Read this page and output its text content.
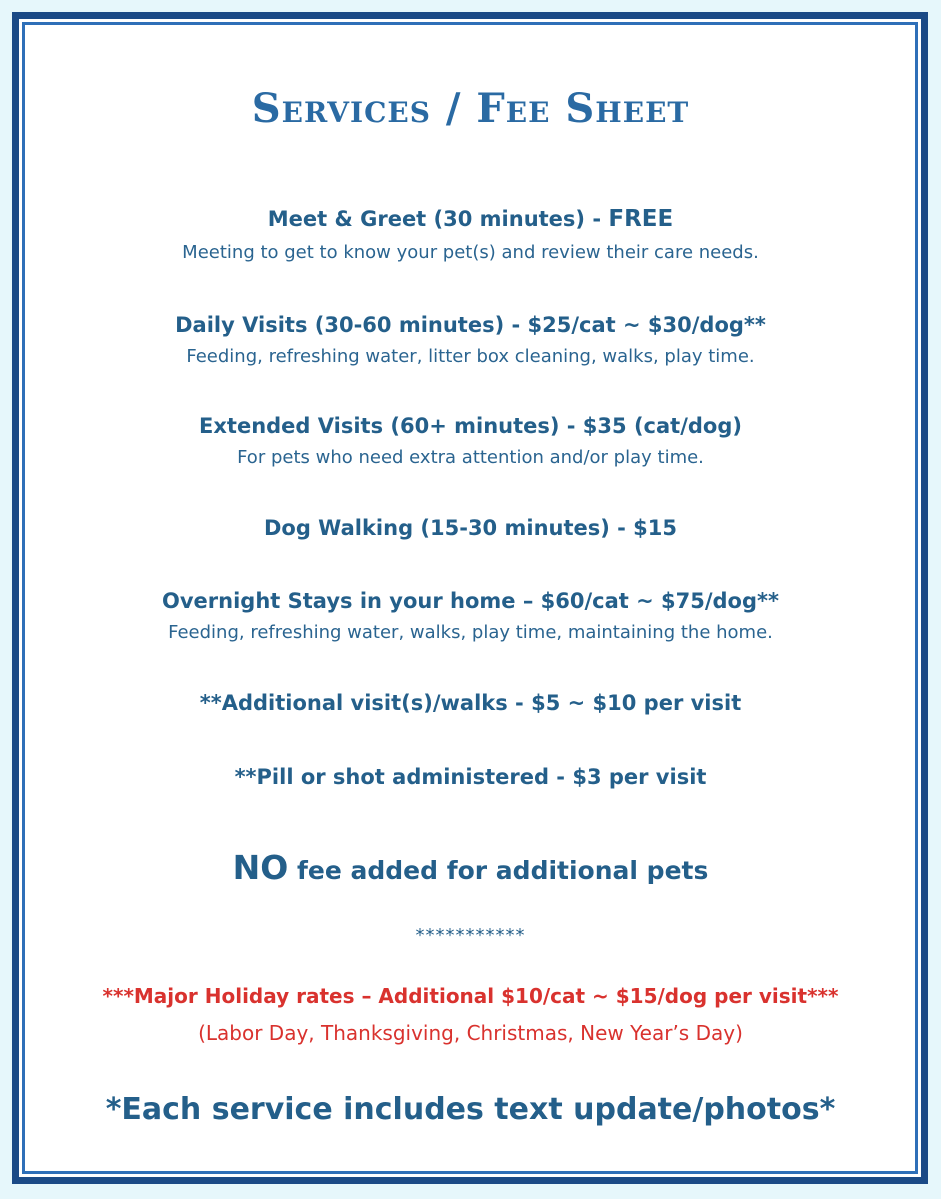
Services / Fee Sheet
Meet & Greet (30 minutes) - FREE
Meeting to get to know your pet(s) and review their care needs.
Daily Visits (30-60 minutes) - $25/cat ~ $30/dog**
Feeding, refreshing water, litter box cleaning, walks, play time.
Extended Visits (60+ minutes) - $35 (cat/dog)
For pets who need extra attention and/or play time.
Dog Walking (15-30 minutes) - $15
Overnight Stays in your home – $60/cat ~ $75/dog**
Feeding, refreshing water, walks, play time, maintaining the home.
**Additional visit(s)/walks - $5 ~ $10 per visit
**Pill or shot administered - $3 per visit
NO fee added for additional pets
***********
***Major Holiday rates – Additional $10/cat ~ $15/dog per visit***
(Labor Day, Thanksgiving, Christmas, New Year’s Day)
*Each service includes text update/photos*
